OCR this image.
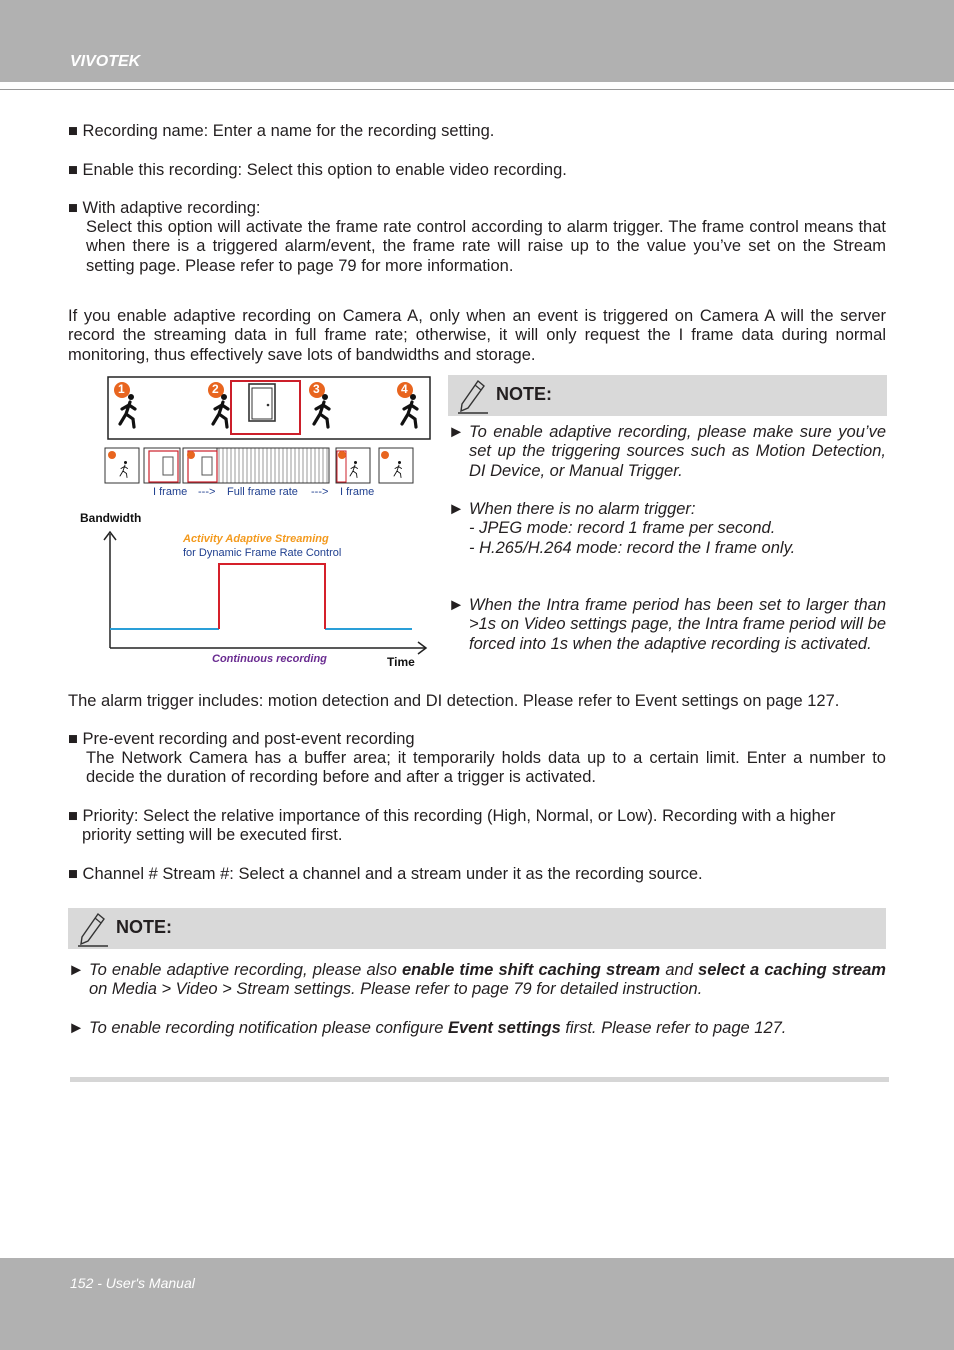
VIVOTEK
■ Recording name: Enter a name for the recording setting.
■ Enable this recording: Select this option to enable video recording.
■ With adaptive recording:
Select this option will activate the frame rate control according to alarm trigger. The frame control means that when there is a triggered alarm/event, the frame rate will raise up to the value you’ve set on the Stream setting page. Please refer to page 79 for more information.
If you enable adaptive recording on Camera A, only when an event is triggered on Camera A will the server record the streaming data in full frame rate; otherwise, it will only request the I frame data during normal monitoring, thus effectively save lots of bandwidths and storage.
1	2	3	4
I frame ---> Full frame rate ---> I frame
Bandwidth
Activity Adaptive Streaming
for Dynamic Frame Rate Control
Continuous recording	Time
NOTE:
► To enable adaptive recording, please make sure you’ve set up the triggering sources such as Motion Detection, DI Device, or Manual Trigger.
► When there is no alarm trigger:
- JPEG mode: record 1 frame per second.
- H.265/H.264 mode: record the I frame only.
► When the Intra frame period has been set to larger than >1s on Video settings page, the Intra frame period will be forced into 1s when the adaptive recording is activated.
The alarm trigger includes: motion detection and DI detection. Please refer to Event settings on page 127.
■ Pre-event recording and post-event recording
The Network Camera has a buffer area; it temporarily holds data up to a certain limit. Enter a number to decide the duration of recording before and after a trigger is activated.
■ Priority: Select the relative importance of this recording (High, Normal, or Low). Recording with a higher
priority setting will be executed first.
■ Channel # Stream #: Select a channel and a stream under it as the recording source.
NOTE:
► To enable adaptive recording, please also enable time shift caching stream and select a caching stream on Media > Video > Stream settings. Please refer to page 79 for detailed instruction.
► To enable recording notification please configure Event settings first. Please refer to page 127.
152 - User's Manual
